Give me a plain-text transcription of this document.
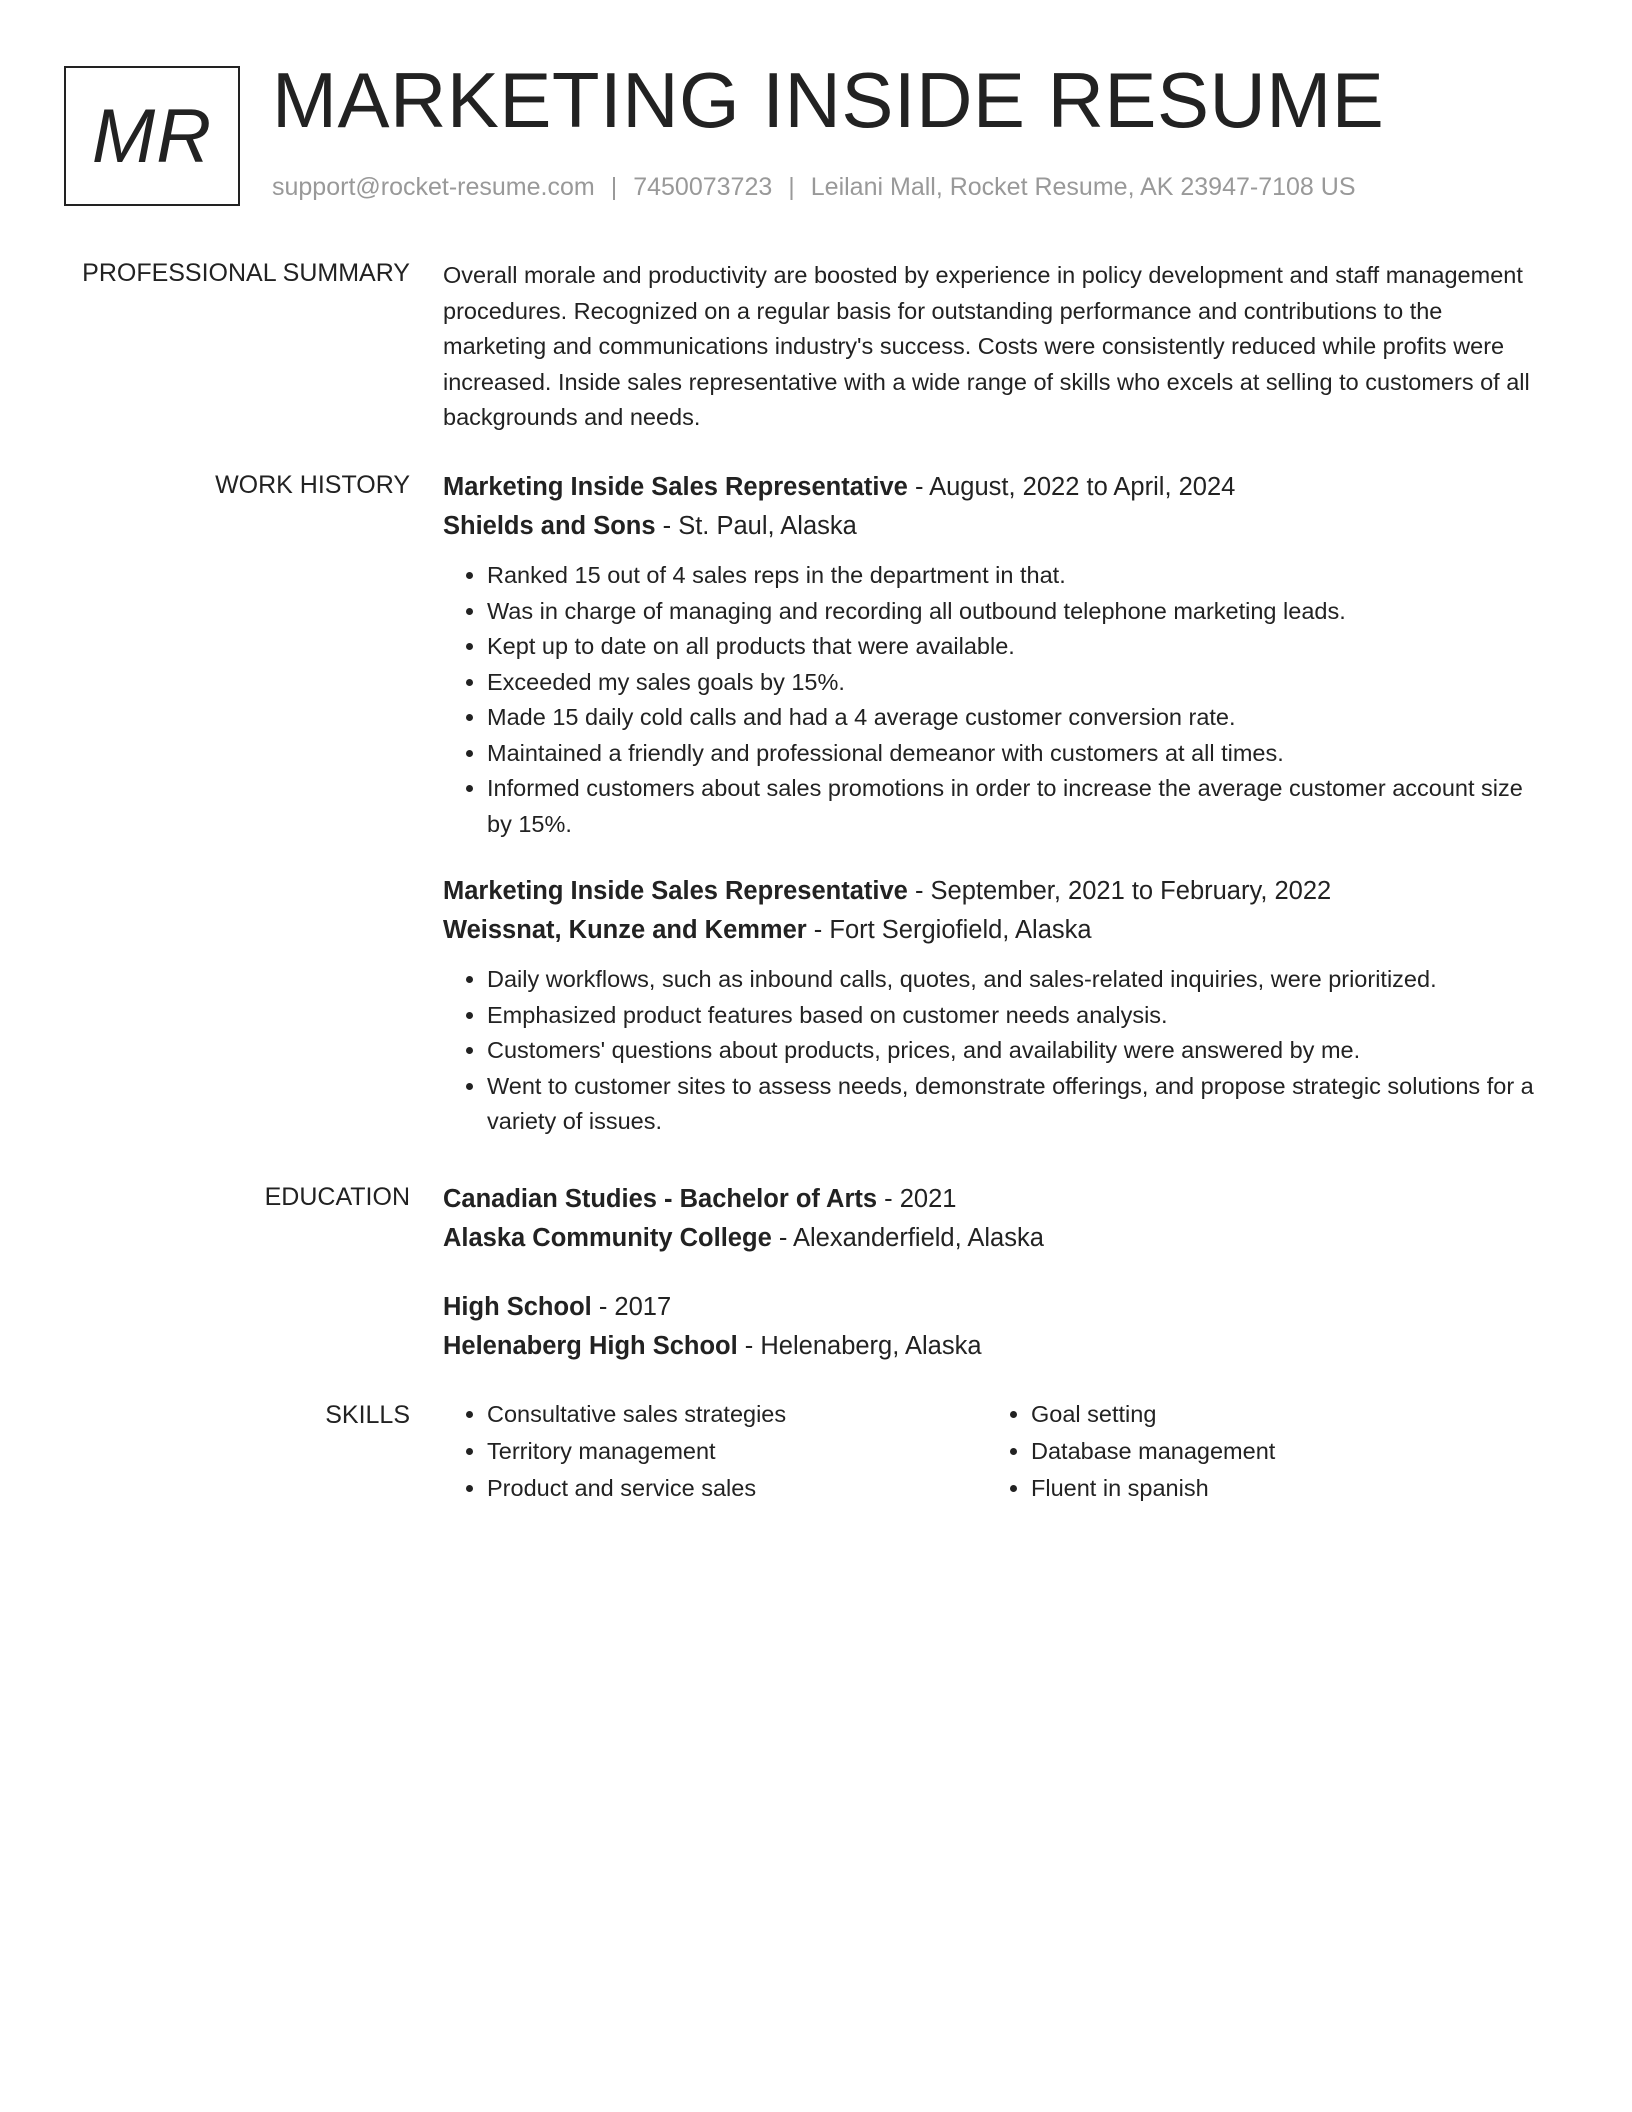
MR MARKETING INSIDE RESUME
support@rocket-resume.com | 7450073723 | Leilani Mall, Rocket Resume, AK 23947-7108 US
PROFESSIONAL SUMMARY Overall morale and productivity are boosted by experience in policy development and staff management procedures. Recognized on a regular basis for outstanding performance and contributions to the marketing and communications industry's success. Costs were consistently reduced while profits were increased. Inside sales representative with a wide range of skills who excels at selling to customers of all backgrounds and needs.

WORK HISTORY Marketing Inside Sales Representative - August, 2022 to April, 2024
Shields and Sons - St. Paul, Alaska
• Ranked 15 out of 4 sales reps in the department in that.
• Was in charge of managing and recording all outbound telephone marketing leads.
• Kept up to date on all products that were available.
• Exceeded my sales goals by 15%.
• Made 15 daily cold calls and had a 4 average customer conversion rate.
• Maintained a friendly and professional demeanor with customers at all times.
• Informed customers about sales promotions in order to increase the average customer account size by 15%.
Marketing Inside Sales Representative - September, 2021 to February, 2022
Weissnat, Kunze and Kemmer - Fort Sergiofield, Alaska
• Daily workflows, such as inbound calls, quotes, and sales-related inquiries, were prioritized.
• Emphasized product features based on customer needs analysis.
• Customers' questions about products, prices, and availability were answered by me.
• Went to customer sites to assess needs, demonstrate offerings, and propose strategic solutions for a variety of issues.
EDUCATION Canadian Studies - Bachelor of Arts - 2021
Alaska Community College - Alexanderfield, Alaska
High School - 2017
Helenaberg High School - Helenaberg, Alaska
SKILLS
•	Consultative sales strategies
• Territory management
• Product and service sales
• Goal setting
• Database management
• Fluent in spanish
